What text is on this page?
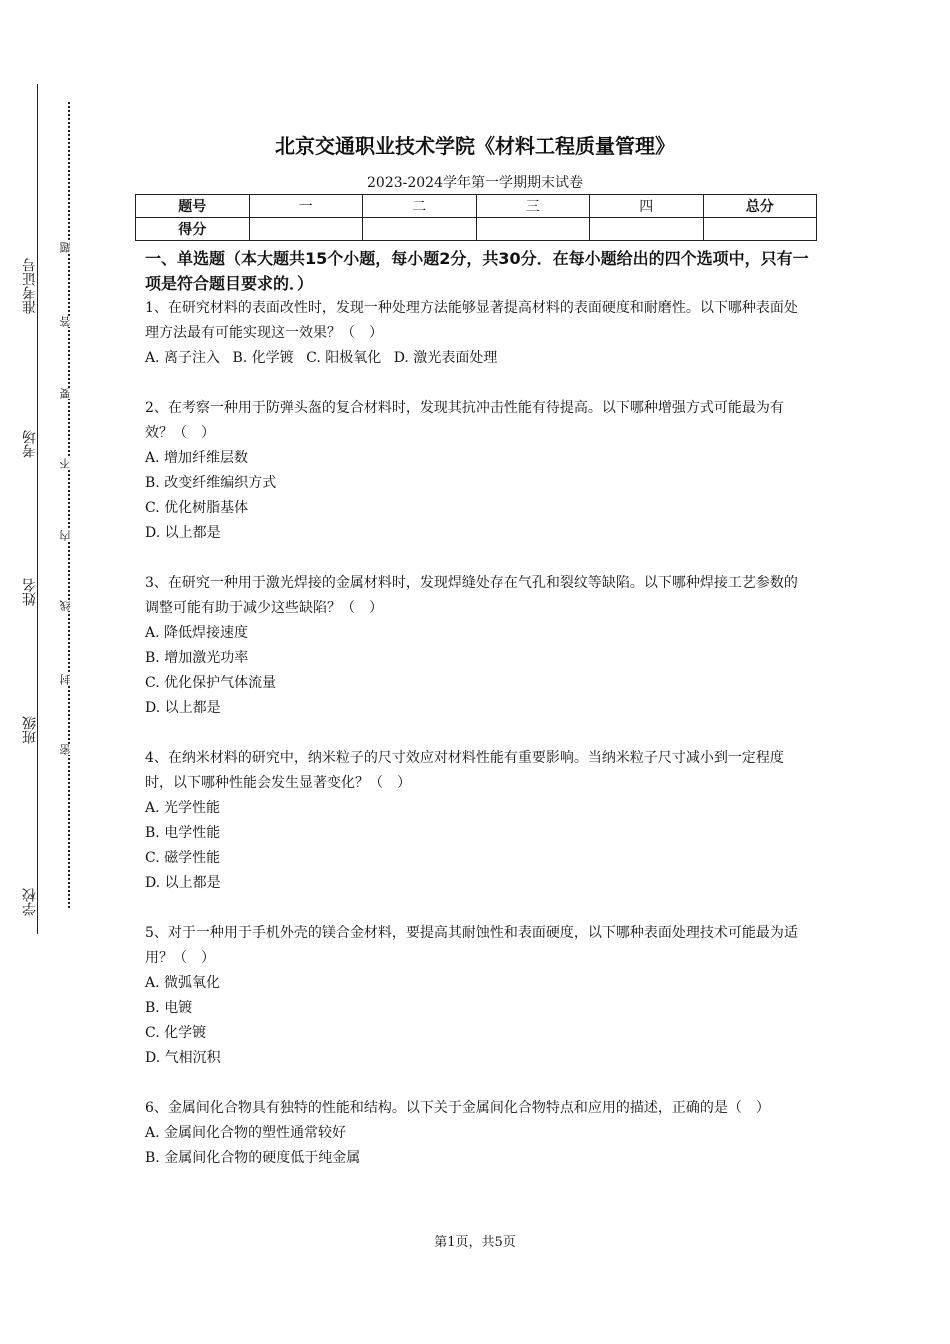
准考证号
考场
姓名
班级
学校
题
答
要
不
内
线
封
密
北京交通职业技术学院《材料工程质量管理》
2023-2024学年第一学期期末试卷
题号	一	二	三	四	总分
得分					
一、单选题（本大题共15个小题，每小题2分，共30分．在每小题给出的四个选项中，只有一项是符合题目要求的．）
1、在研究材料的表面改性时，发现一种处理方法能够显著提高材料的表面硬度和耐磨性。以下哪种表面处理方法最有可能实现这一效果？（　）
A. 离子注入 B. 化学镀 C. 阳极氧化 D. 激光表面处理
2、在考察一种用于防弹头盔的复合材料时，发现其抗冲击性能有待提高。以下哪种增强方式可能最为有效？（　）
A. 增加纤维层数
B. 改变纤维编织方式
C. 优化树脂基体
D. 以上都是
3、在研究一种用于激光焊接的金属材料时，发现焊缝处存在气孔和裂纹等缺陷。以下哪种焊接工艺参数的调整可能有助于减少这些缺陷？（　）
A. 降低焊接速度
B. 增加激光功率
C. 优化保护气体流量
D. 以上都是
4、在纳米材料的研究中，纳米粒子的尺寸效应对材料性能有重要影响。当纳米粒子尺寸减小到一定程度时，以下哪种性能会发生显著变化？（　）
A. 光学性能
B. 电学性能
C. 磁学性能
D. 以上都是
5、对于一种用于手机外壳的镁合金材料，要提高其耐蚀性和表面硬度，以下哪种表面处理技术可能最为适用？（　）
A. 微弧氧化
B. 电镀
C. 化学镀
D. 气相沉积
6、金属间化合物具有独特的性能和结构。以下关于金属间化合物特点和应用的描述，正确的是（　）
A. 金属间化合物的塑性通常较好
B. 金属间化合物的硬度低于纯金属
第1页，共5页
